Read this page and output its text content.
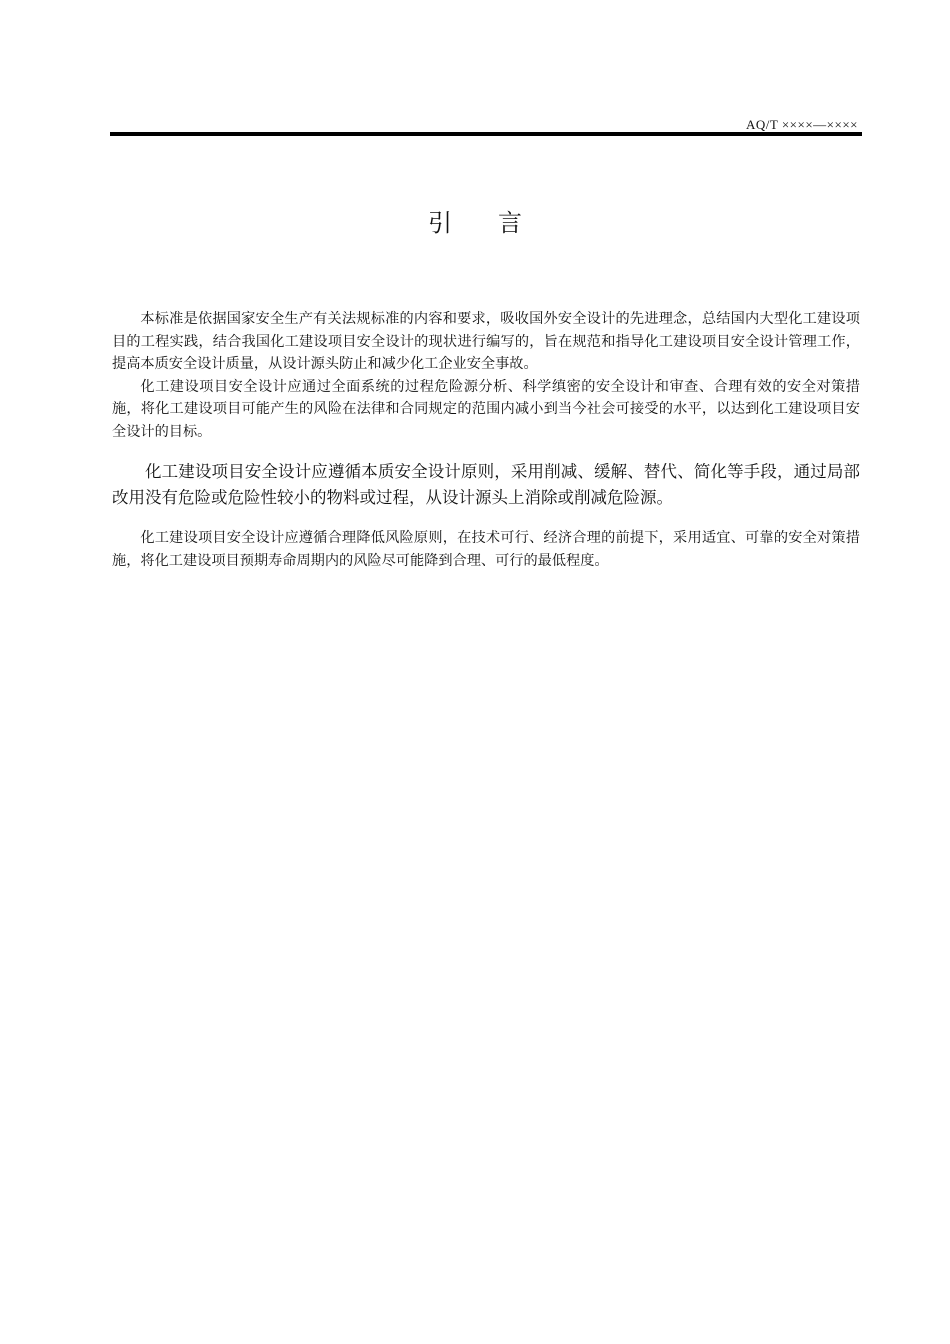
AQ/T ××××—××××
引言

本标准是依据国家安全生产有关法规标准的内容和要求，吸收国外安全设计的先进理念，总结国内大型化工建设项目的工程实践，结合我国化工建设项目安全设计的现状进行编写的，旨在规范和指导化工建设项目安全设计管理工作，提高本质安全设计质量，从设计源头防止和减少化工企业安全事故。

化工建设项目安全设计应通过全面系统的过程危险源分析、科学缜密的安全设计和审查、合理有效的安全对策措施，将化工建设项目可能产生的风险在法律和合同规定的范围内减小到当今社会可接受的水平，以达到化工建设项目安全设计的目标。

化工建设项目安全设计应遵循本质安全设计原则，采用削减、缓解、替代、简化等手段，通过局部改用没有危险或危险性较小的物料或过程，从设计源头上消除或削减危险源。

化工建设项目安全设计应遵循合理降低风险原则，在技术可行、经济合理的前提下，采用适宜、可靠的安全对策措施，将化工建设项目预期寿命周期内的风险尽可能降到合理、可行的最低程度。
